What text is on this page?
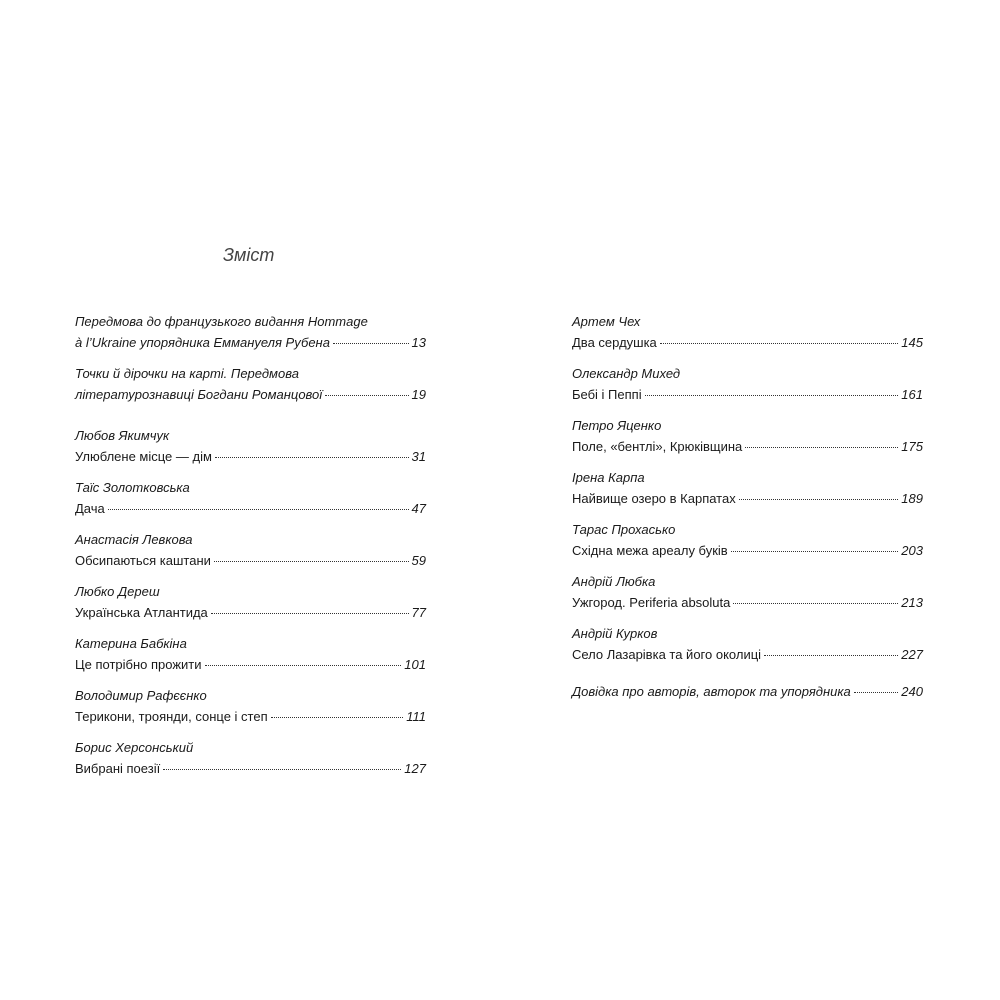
Зміст
Передмова до французького видання Hommage
à l’Ukraine упорядника Еммануеля Рубена	13
Точки й дірочки на карті. Передмова
літературознавиці Богдани Романцової	19
Любов Якимчук
Улюблене місце — дім	31
Таїс Золотковська
Дача	47
Анастасія Левкова
Обсипаються каштани	59
Любко Дереш
Українська Атлантида	77
Катерина Бабкіна
Це потрібно прожити	101
Володимир Рафєєнко
Терикони, троянди, сонце і степ	111
Борис Херсонський
Вибрані поезії	127
Артем Чех
Два сердушка	145
Олександр Михед
Бебі і Пеппі	161
Петро Яценко
Поле, «бентлі», Крюківщина	175
Ірена Карпа
Найвище озеро в Карпатах	189
Тарас Прохасько
Східна межа ареалу буків	203
Андрій Любка
Ужгород. Periferia absoluta	213
Андрій Курков
Село Лазарівка та його околиці	227
Довідка про авторів, авторок та упорядника	240
